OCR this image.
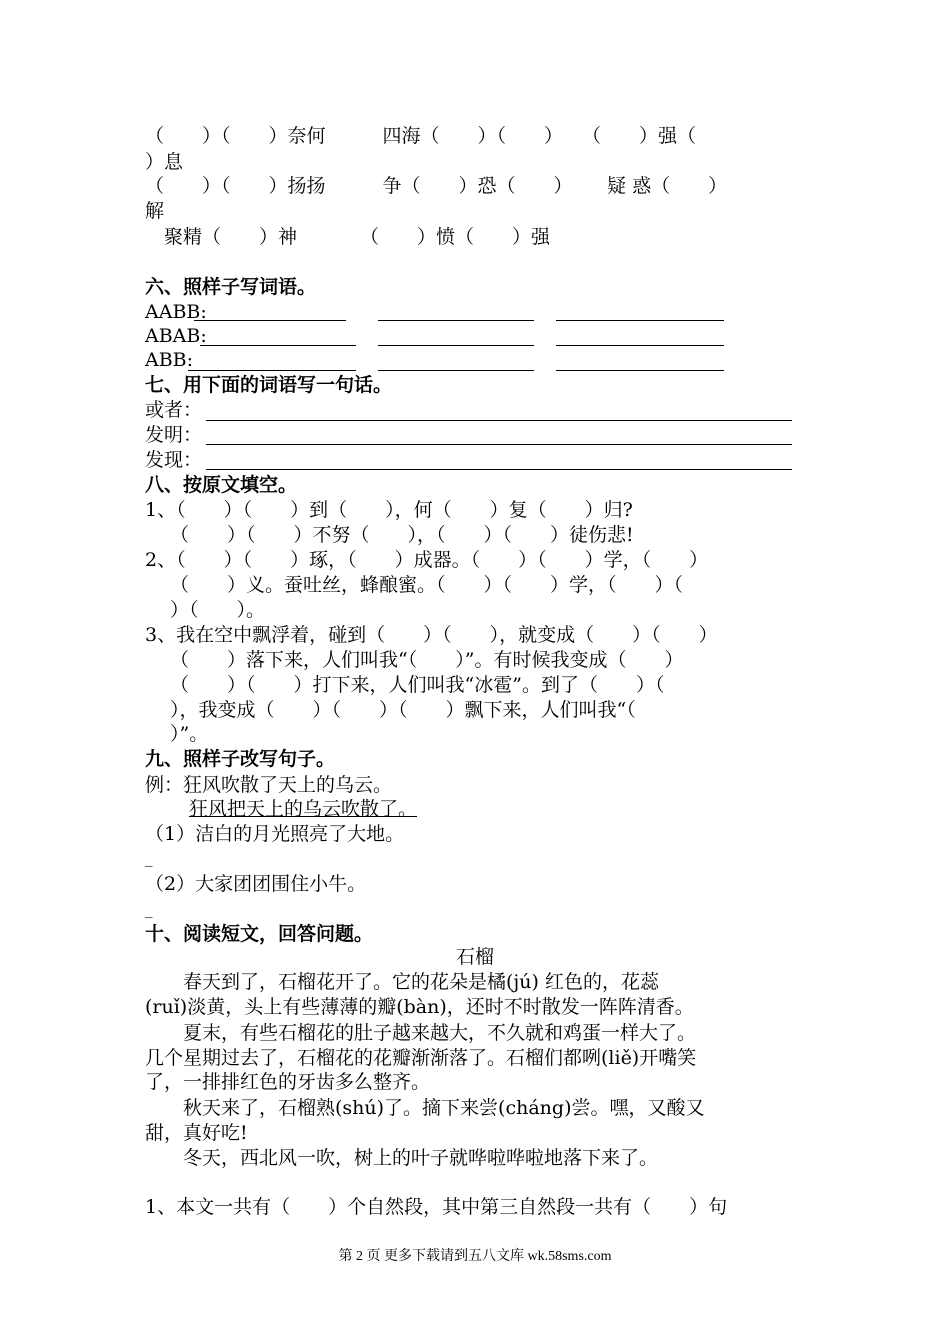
（　　）（　　）奈何　　　四海（　　）（　　）　　（　　）强（
）息
（　　）（　　）扬扬　　　争（　　）恐（　　）　　 疑 惑（　　）
解
　聚精（　　）神　　　 （　　）愤（　　）强
六、照样子写词语。
AABB:
ABAB:
ABB:
七、用下面的词语写一句话。
或者：
发明：
发现：
八、按原文填空。
1、（　　）（　　）到（　　），何（　　）复（　　）归?
　 （　　）（　　）不努（　　），（　　）（　　）徒伤悲!
2、（　　）（　　）琢，（　　）成器。（　　）（　　）学，（　　）
　 （　　）义。蚕吐丝，蜂酿蜜。（　　）（　　）学，（　　）（
　 ）（　　）。
3、我在空中飘浮着，碰到（　　）（　　），就变成（　　）（　　）
　 （　　）落下来，人们叫我“（　　）”。有时候我变成（　　）
　 （　　）（　　）打下来，人们叫我“冰雹”。到了（　　）（
　 ），我变成（　　）（　　）（　　）飘下来，人们叫我“（
　 ）”。
九、照样子改写句子。
例：狂风吹散了天上的乌云。
狂风把天上的乌云吹散了。
（1）洁白的月光照亮了大地。
_
（2）大家团团围住小牛。
_
十、阅读短文，回答问题。
石榴
　　春天到了，石榴花开了。它的花朵是橘(jú) 红色的，花蕊
(ruǐ)淡黄，头上有些薄薄的瓣(bàn)，还时不时散发一阵阵清香。
　　夏末，有些石榴花的肚子越来越大，不久就和鸡蛋一样大了。
几个星期过去了，石榴花的花瓣渐渐落了。石榴们都咧(liě)开嘴笑
了，一排排红色的牙齿多么整齐。
　　秋天来了，石榴熟(shú)了。摘下来尝(cháng)尝。嘿，又酸又
甜，真好吃!
　　冬天，西北风一吹，树上的叶子就哗啦哗啦地落下来了。
1、本文一共有（　　）个自然段，其中第三自然段一共有（　　）句
第 2 页 更多下载请到五八文库 wk.58sms.com
